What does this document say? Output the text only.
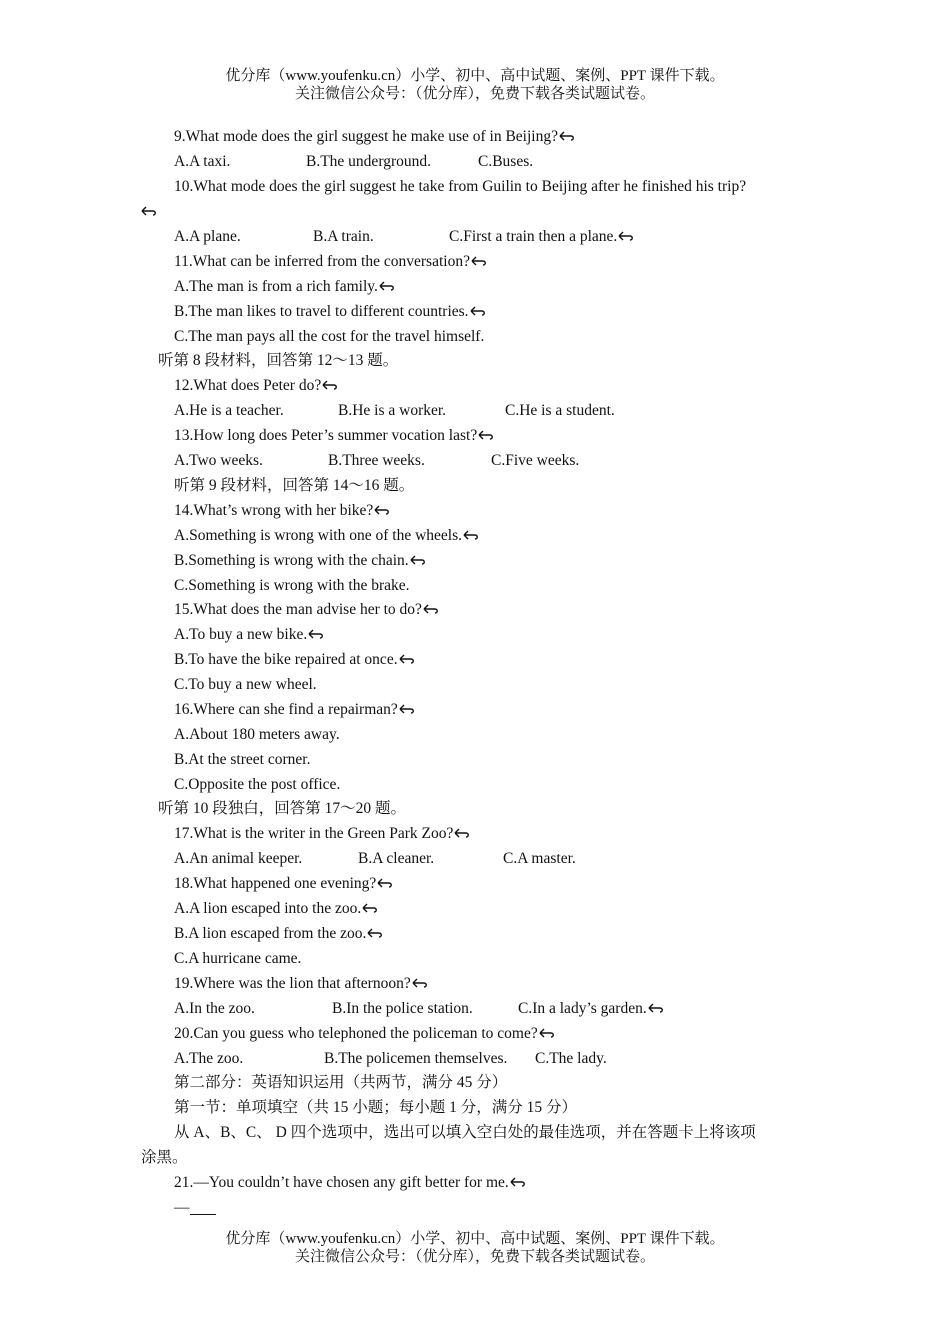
优分库（www.youfenku.cn）小学、初中、高中试题、案例、PPT 课件下载。
关注微信公众号：（优分库），免费下载各类试题试卷。
9.What mode does the girl suggest he make use of in Beijing?
A.A taxi.	B.The underground.	C.Buses.
10.What mode does the girl suggest he take from Guilin to Beijing after he finished his trip?
A.A plane.	B.A train.	C.First a train then a plane.
11.What can be inferred from the conversation?
A.The man is from a rich family.
B.The man likes to travel to different countries.
C.The man pays all the cost for the travel himself.
听第 8 段材料，回答第 12～13 题。
12.What does Peter do?
A.He is a teacher.	B.He is a worker.	C.He is a student.
13.How long does Peter’s summer vocation last?
A.Two weeks.	B.Three weeks.	C.Five weeks.
听第 9 段材料，回答第 14～16 题。
14.What’s wrong with her bike?
A.Something is wrong with one of the wheels.
B.Something is wrong with the chain.
C.Something is wrong with the brake.
15.What does the man advise her to do?
A.To buy a new bike.
B.To have the bike repaired at once.
C.To buy a new wheel.
16.Where can she find a repairman?
A.About 180 meters away.
B.At the street corner.
C.Opposite the post office.
听第 10 段独白，回答第 17～20 题。
17.What is the writer in the Green Park Zoo?
A.An animal keeper.	B.A cleaner.	C.A master.
18.What happened one evening?
A.A lion escaped into the zoo.
B.A lion escaped from the zoo.
C.A hurricane came.
19.Where was the lion that afternoon?
A.In the zoo.	B.In the police station.	C.In a lady’s garden.
20.Can you guess who telephoned the policeman to come?
A.The zoo.	B.The policemen themselves. C.The lady.
第二部分：英语知识运用（共两节，满分 45 分）
第一节：单项填空（共 15 小题；每小题 1 分，满分 15 分）
从 A、B、C、 D 四个选项中，选出可以填入空白处的最佳选项，并在答题卡上将该项
涂黑。
21.—You couldn’t have chosen any gift better for me.
—
优分库（www.youfenku.cn）小学、初中、高中试题、案例、PPT 课件下载。
关注微信公众号：（优分库），免费下载各类试题试卷。
